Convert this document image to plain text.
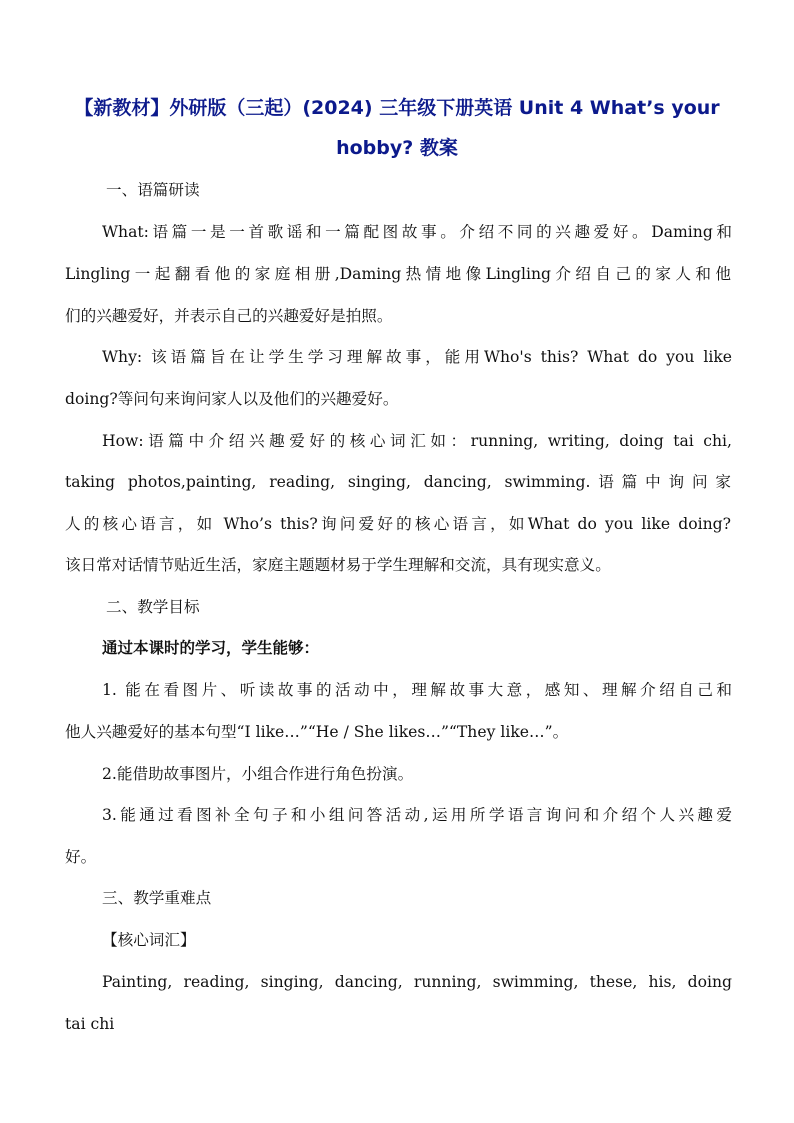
【新教材】外研版（三起）(2024) 三年级下册英语 Unit 4 What’s your hobby? 教案
一、语篇研读
What:语篇一是一首歌谣和一篇配图故事。介绍不同的兴趣爱好。Daming和
Lingling一起翻看他的家庭相册,Daming热情地像Lingling介绍自己的家人和他
们的兴趣爱好，并表示自己的兴趣爱好是拍照。
Why: 该语篇旨在让学生学习理解故事，能用Who's this? What do you like
doing?等问句来询问家人以及他们的兴趣爱好。
How:语篇中介绍兴趣爱好的核心词汇如：running, writing, doing tai chi,
taking photos,painting, reading, singing, dancing, swimming.语篇中询问家
人的核心语言，如 Who’s this?询问爱好的核心语言，如What do you like doing?
该日常对话情节贴近生活，家庭主题题材易于学生理解和交流，具有现实意义。
二、教学目标
通过本课时的学习，学生能够：
1. 能在看图片、听读故事的活动中，理解故事大意，感知、理解介绍自己和
他人兴趣爱好的基本句型“I like…”“He / She likes…”“They like…”。
2.能借助故事图片，小组合作进行角色扮演。
3.能通过看图补全句子和小组问答活动,运用所学语言询问和介绍个人兴趣爱
好。
三、教学重难点
【核心词汇】
Painting, reading, singing, dancing, running, swimming, these, his, doing
tai chi
